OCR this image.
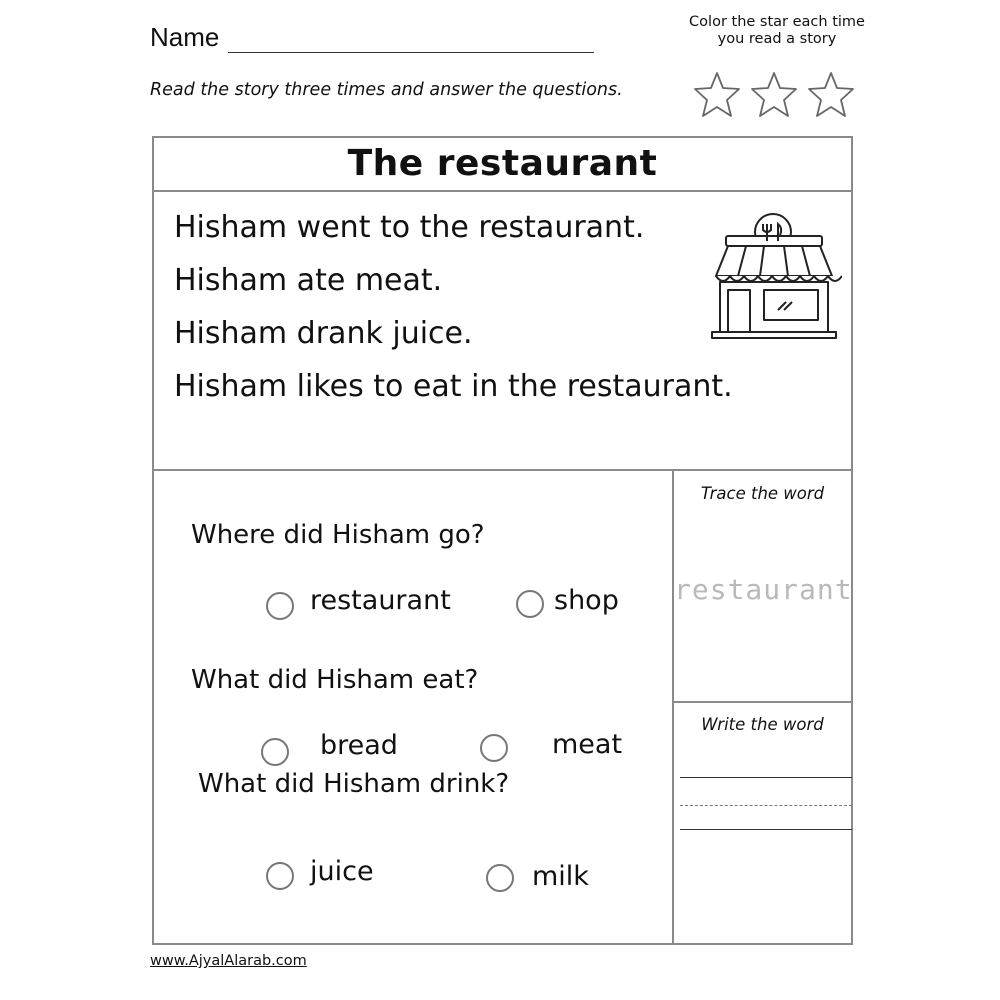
Name	Color the star each time
you read a story
Read the story three times and answer the questions.
The restaurant
Hisham went to the restaurant.
Hisham ate meat.
Hisham drank juice.
Hisham likes to eat in the restaurant.
Where did Hisham go?
restaurant	shop
What did Hisham eat?
bread	meat
What did Hisham drink?
juice	milk
Trace the word
restaurant
Write the word
www.AjyalAlarab.com
